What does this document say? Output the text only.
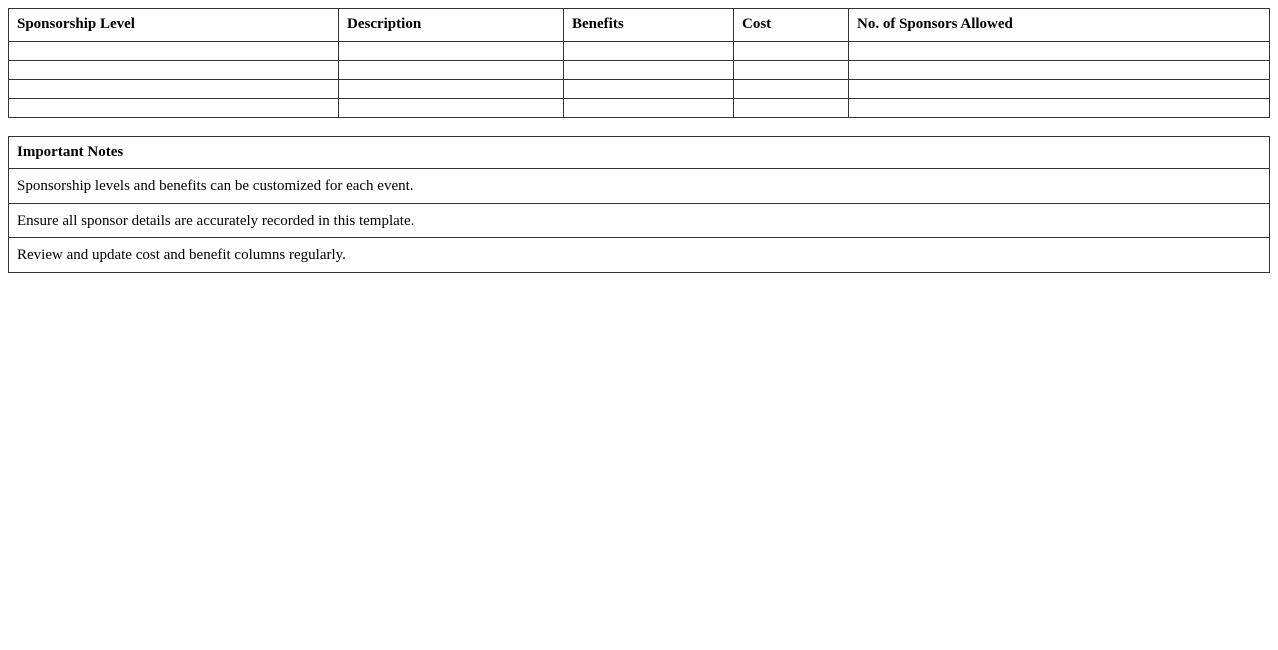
Sponsorship Level	Description	Benefits	Cost	No. of Sponsors Allowed

Important Notes
Sponsorship levels and benefits can be customized for each event.
Ensure all sponsor details are accurately recorded in this template.
Review and update cost and benefit columns regularly.
